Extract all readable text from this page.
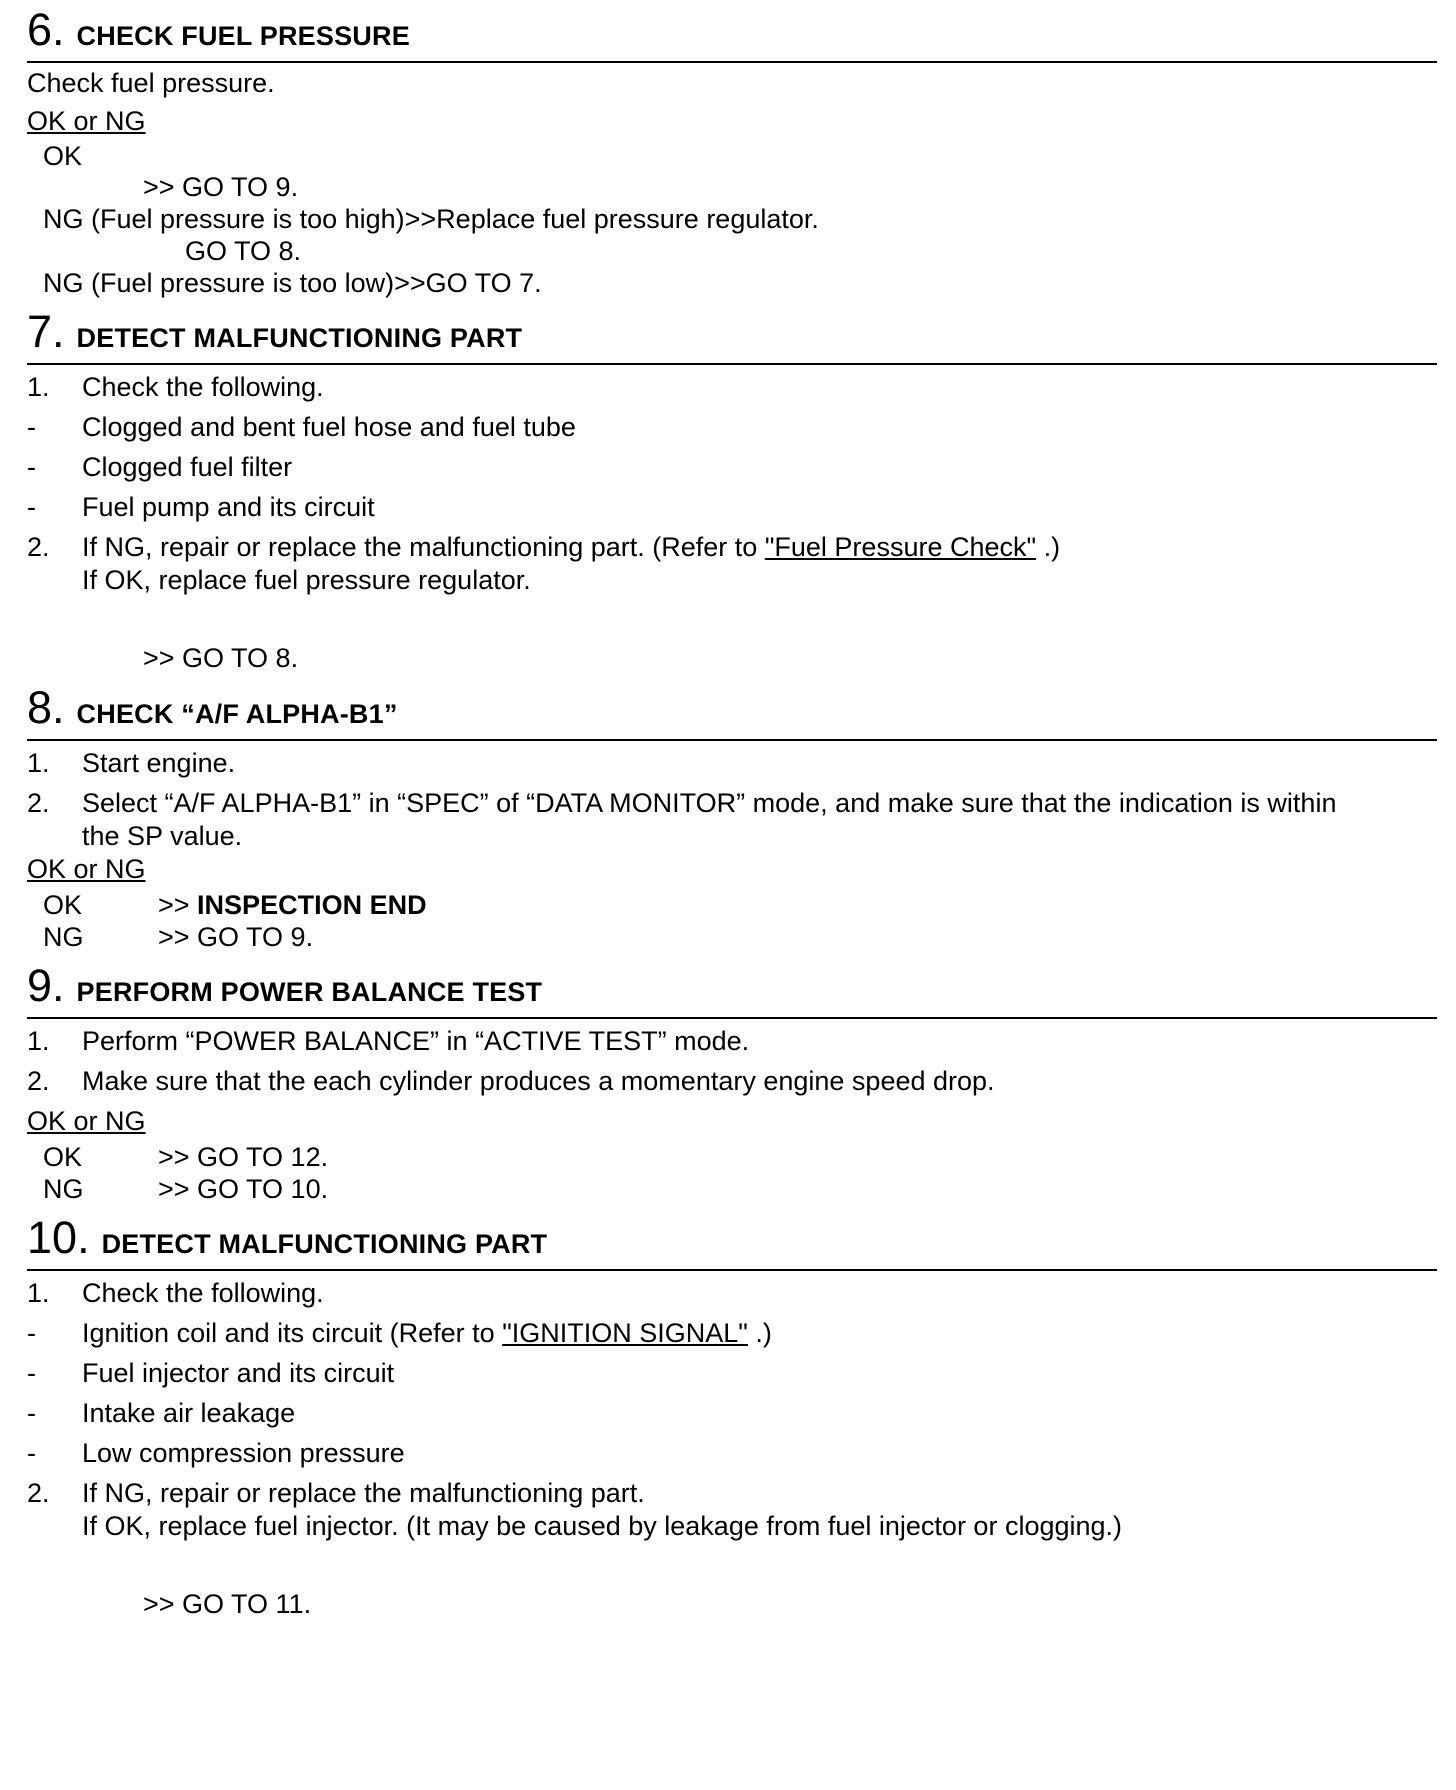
6 . CHECK FUEL PRESSURE
Check fuel pressure.
OK or NG
OK
>> GO TO 9.
NG (Fuel pressure is too high)>>Replace fuel pressure regulator.
GO TO 8.
NG (Fuel pressure is too low)>>GO TO 7.
7 . DETECT MALFUNCTIONING PART
1.	Check the following.
-	Clogged and bent fuel hose and fuel tube
-	Clogged fuel filter
-	Fuel pump and its circuit
2.	If NG, repair or replace the malfunctioning part. (Refer to "Fuel Pressure Check" .)
If OK, replace fuel pressure regulator.
>> GO TO 8.
8 . CHECK “A/F ALPHA-B1”
1.	Start engine.
2.	Select “A/F ALPHA-B1” in “SPEC” of “DATA MONITOR” mode, and make sure that the indication is within
the SP value.
OK or NG
OK	>> INSPECTION END
NG	>> GO TO 9.
9 . PERFORM POWER BALANCE TEST
1.	Perform “POWER BALANCE” in “ACTIVE TEST” mode.
2.	Make sure that the each cylinder produces a momentary engine speed drop.
OK or NG
OK	>> GO TO 12.
NG	>> GO TO 10.
10 . DETECT MALFUNCTIONING PART
1.	Check the following.
-	Ignition coil and its circuit (Refer to "IGNITION SIGNAL" .)
-	Fuel injector and its circuit
-	Intake air leakage
-	Low compression pressure
2.	If NG, repair or replace the malfunctioning part.
If OK, replace fuel injector. (It may be caused by leakage from fuel injector or clogging.)
>> GO TO 11.
